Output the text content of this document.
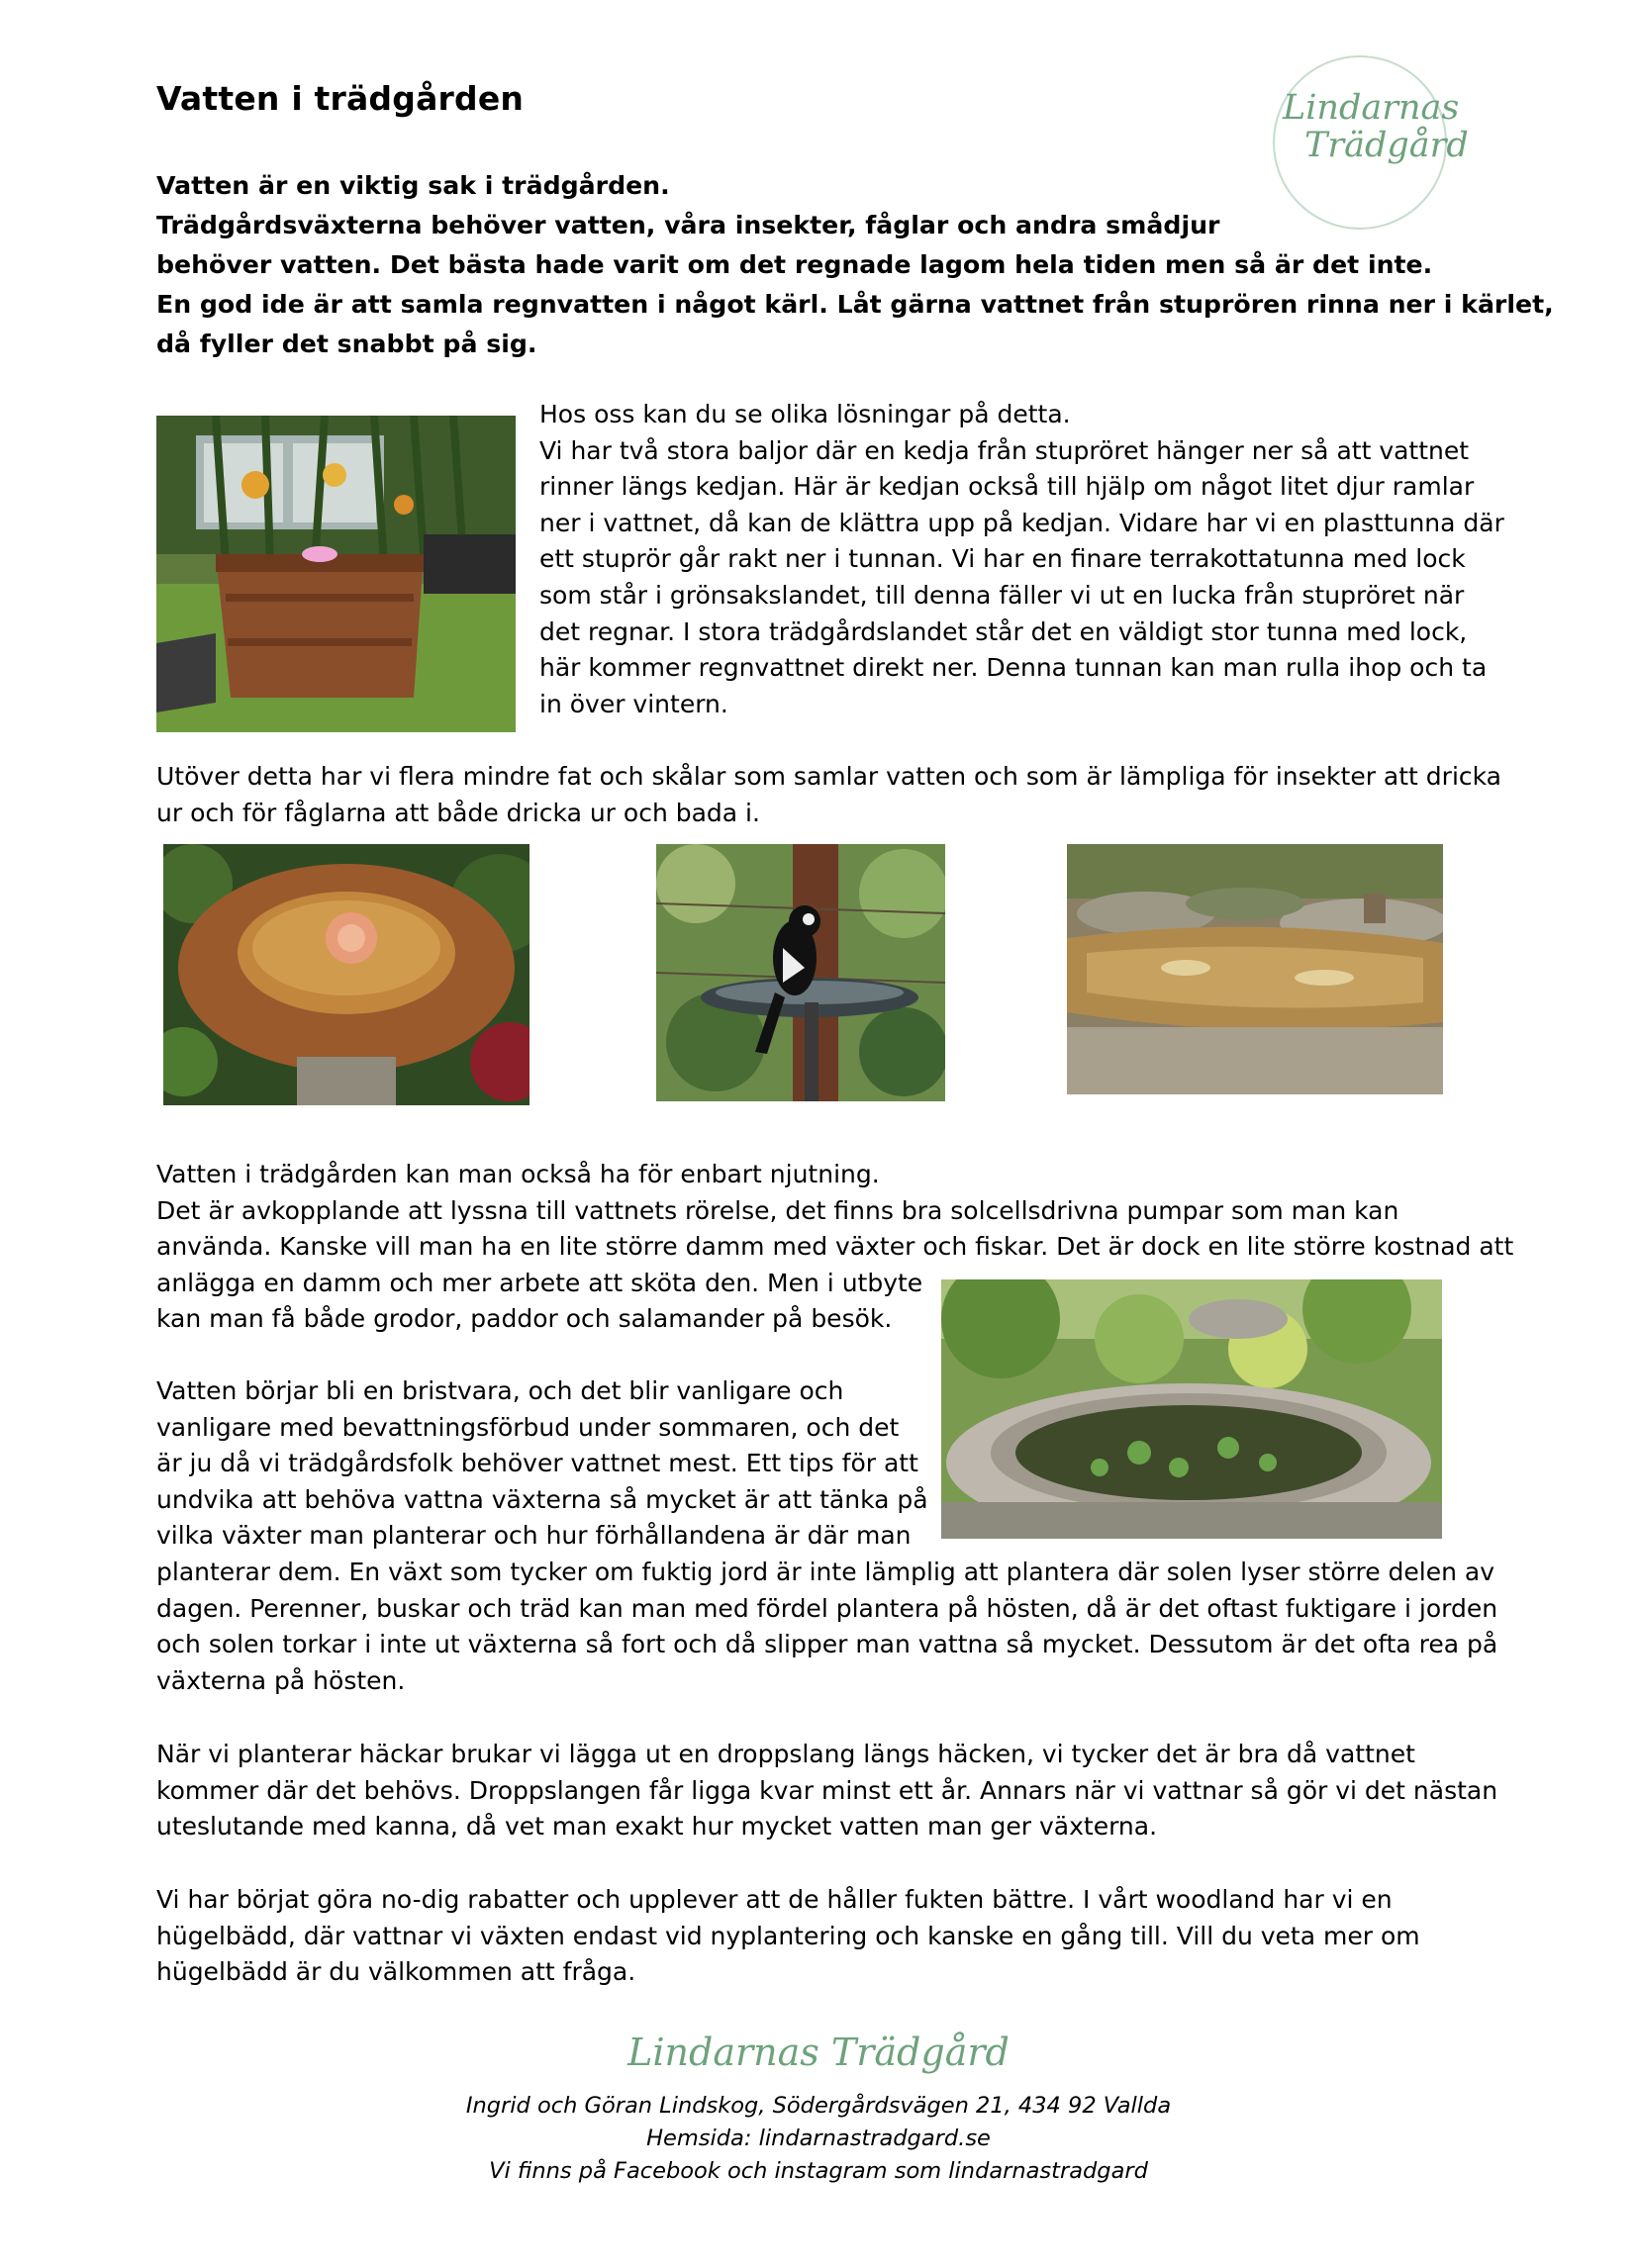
Vatten i trädgården	Lindarnas
Trädgård
Vatten är en viktig sak i trädgården.
Trädgårdsväxterna behöver vatten, våra insekter, fåglar och andra smådjur
behöver vatten. Det bästa hade varit om det regnade lagom hela tiden men så är det inte.
En god ide är att samla regnvatten i något kärl. Låt gärna vattnet från stuprören rinna ner i kärlet,
då fyller det snabbt på sig.
Hos oss kan du se olika lösningar på detta.
Vi har två stora baljor där en kedja från stupröret hänger ner så att vattnet
rinner längs kedjan. Här är kedjan också till hjälp om något litet djur ramlar
ner i vattnet, då kan de klättra upp på kedjan. Vidare har vi en plasttunna där
ett stuprör går rakt ner i tunnan. Vi har en finare terrakottatunna med lock
som står i grönsakslandet, till denna fäller vi ut en lucka från stupröret när
det regnar. I stora trädgårdslandet står det en väldigt stor tunna med lock,
här kommer regnvattnet direkt ner. Denna tunnan kan man rulla ihop och ta
in över vintern.
Utöver detta har vi flera mindre fat och skålar som samlar vatten och som är lämpliga för insekter att dricka
ur och för fåglarna att både dricka ur och bada i.
Vatten i trädgården kan man också ha för enbart njutning.
Det är avkopplande att lyssna till vattnets rörelse, det finns bra solcellsdrivna pumpar som man kan
använda. Kanske vill man ha en lite större damm med växter och fiskar. Det är dock en lite större kostnad att
anlägga en damm och mer arbete att sköta den. Men i utbyte
kan man få både grodor, paddor och salamander på besök.
Vatten börjar bli en bristvara, och det blir vanligare och
vanligare med bevattningsförbud under sommaren, och det
är ju då vi trädgårdsfolk behöver vattnet mest. Ett tips för att
undvika att behöva vattna växterna så mycket är att tänka på
vilka växter man planterar och hur förhållandena är där man
planterar dem. En växt som tycker om fuktig jord är inte lämplig att plantera där solen lyser större delen av
dagen. Perenner, buskar och träd kan man med fördel plantera på hösten, då är det oftast fuktigare i jorden
och solen torkar i inte ut växterna så fort och då slipper man vattna så mycket. Dessutom är det ofta rea på
växterna på hösten.
När vi planterar häckar brukar vi lägga ut en droppslang längs häcken, vi tycker det är bra då vattnet
kommer där det behövs. Droppslangen får ligga kvar minst ett år. Annars när vi vattnar så gör vi det nästan
uteslutande med kanna, då vet man exakt hur mycket vatten man ger växterna.
Vi har börjat göra no-dig rabatter och upplever att de håller fukten bättre. I vårt woodland har vi en
hügelbädd, där vattnar vi växten endast vid nyplantering och kanske en gång till. Vill du veta mer om
hügelbädd är du välkommen att fråga.
Lindarnas Trädgård
Ingrid och Göran Lindskog, Södergårdsvägen 21, 434 92 Vallda
Hemsida: lindarnastradgard.se
Vi finns på Facebook och instagram som lindarnastradgard
